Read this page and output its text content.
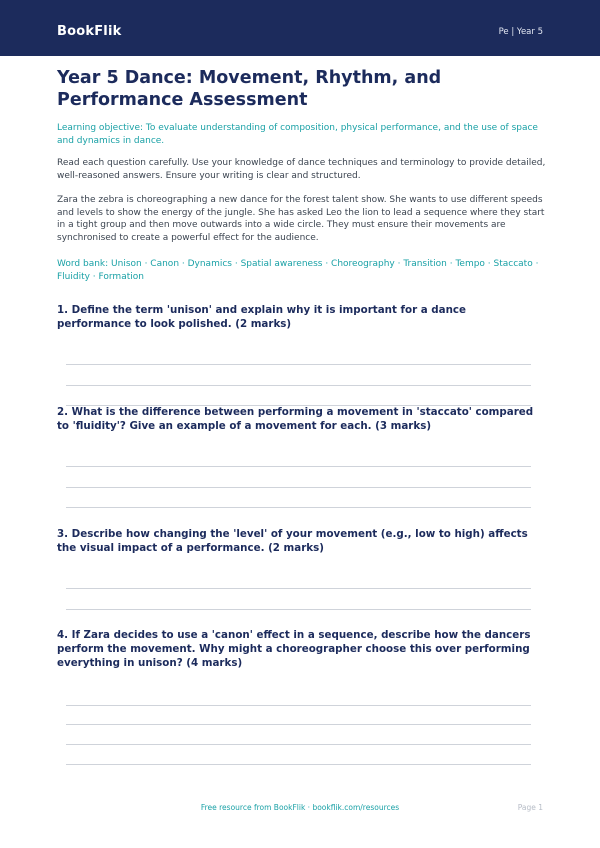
BookFlik	Pe | Year 5
Year 5 Dance: Movement, Rhythm, and Performance Assessment

Learning objective: To evaluate understanding of composition, physical performance, and the use of space and dynamics in dance.

Read each question carefully. Use your knowledge of dance techniques and terminology to provide detailed, well-reasoned answers. Ensure your writing is clear and structured.

Zara the zebra is choreographing a new dance for the forest talent show. She wants to use different speeds and levels to show the energy of the jungle. She has asked Leo the lion to lead a sequence where they start in a tight group and then move outwards into a wide circle. They must ensure their movements are synchronised to create a powerful effect for the audience.

Word bank: Unison · Canon · Dynamics · Spatial awareness · Choreography · Transition · Tempo · Staccato · Fluidity · Formation

1. Define the term 'unison' and explain why it is important for a dance performance to look polished. (2 marks)

2. What is the difference between performing a movement in 'staccato' compared to 'fluidity'? Give an example of a movement for each. (3 marks)

3. Describe how changing the 'level' of your movement (e.g., low to high) affects the visual impact of a performance. (2 marks)

4. If Zara decides to use a 'canon' effect in a sequence, describe how the dancers perform the movement. Why might a choreographer choose this over performing everything in unison? (4 marks)

Free resource from BookFlik · bookflik.com/resources	Page 1
